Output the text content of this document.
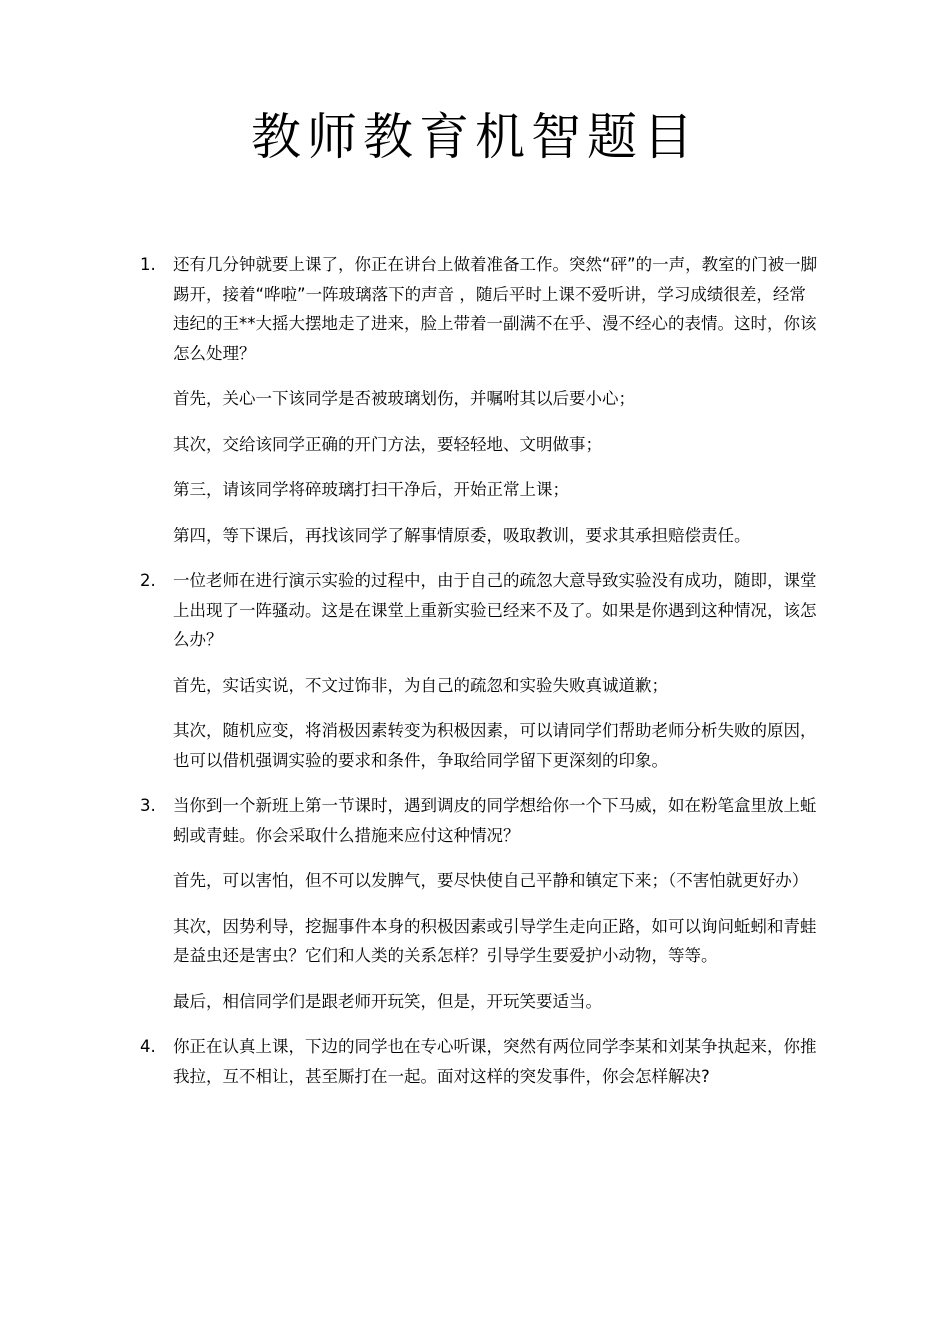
教师教育机智题目
1.	还有几分钟就要上课了，你正在讲台上做着准备工作。突然“砰”的一声，教室的门被一脚踢开，接着“哗啦”一阵玻璃落下的声音 ，随后平时上课不爱听讲，学习成绩很差，经常违纪的王**大摇大摆地走了进来，脸上带着一副满不在乎、漫不经心的表情。这时，你该怎么处理？

首先，关心一下该同学是否被玻璃划伤，并嘱咐其以后要小心；

其次，交给该同学正确的开门方法，要轻轻地、文明做事；

第三，请该同学将碎玻璃打扫干净后，开始正常上课；

第四，等下课后，再找该同学了解事情原委，吸取教训，要求其承担赔偿责任。

2.	一位老师在进行演示实验的过程中，由于自己的疏忽大意导致实验没有成功，随即，课堂上出现了一阵骚动。这是在课堂上重新实验已经来不及了。如果是你遇到这种情况，该怎么办？

首先，实话实说，不文过饰非，为自己的疏忽和实验失败真诚道歉；

其次，随机应变，将消极因素转变为积极因素，可以请同学们帮助老师分析失败的原因，也可以借机强调实验的要求和条件，争取给同学留下更深刻的印象。

3.	当你到一个新班上第一节课时，遇到调皮的同学想给你一个下马威，如在粉笔盒里放上蚯蚓或青蛙。你会采取什么措施来应付这种情况？

首先，可以害怕，但不可以发脾气，要尽快使自己平静和镇定下来；（不害怕就更好办）

其次，因势利导，挖掘事件本身的积极因素或引导学生走向正路，如可以询问蚯蚓和青蛙是益虫还是害虫？它们和人类的关系怎样？引导学生要爱护小动物，等等。

最后，相信同学们是跟老师开玩笑，但是，开玩笑要适当。

4.	你正在认真上课，下边的同学也在专心听课，突然有两位同学李某和刘某争执起来，你推我拉，互不相让，甚至厮打在一起。面对这样的突发事件，你会怎样解决?
